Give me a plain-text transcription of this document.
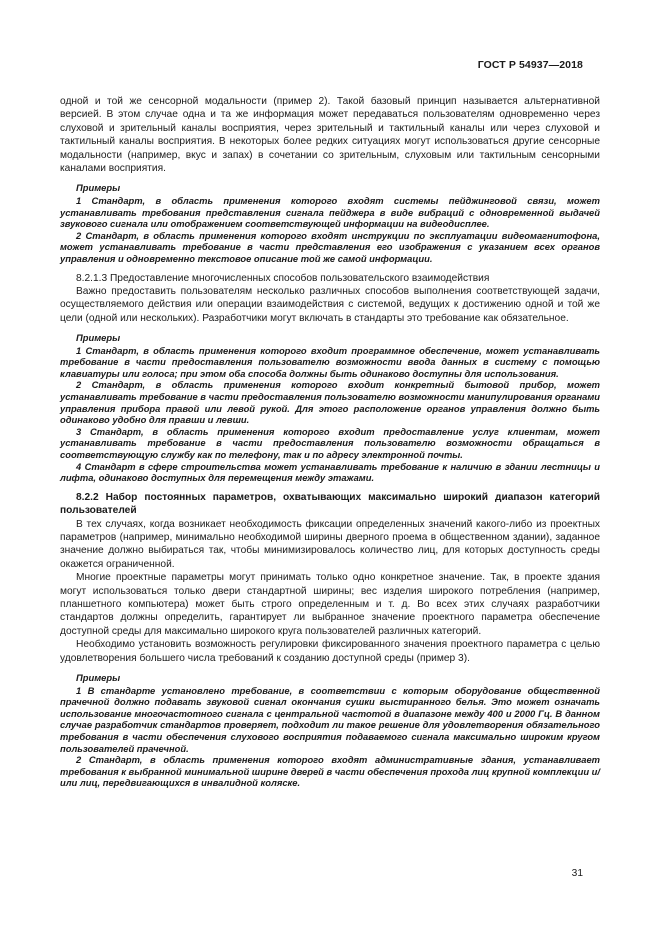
ГОСТ Р 54937—2018

одной и той же сенсорной модальности (пример 2). Такой базовый принцип называется альтернативной версией. В этом случае одна и та же информация может передаваться пользователям одновременно через слуховой и зрительный каналы восприятия, через зрительный и тактильный каналы или через слуховой и тактильный каналы восприятия. В некоторых более редких ситуациях могут использоваться другие сенсорные модальности (например, вкус и запах) в сочетании со зрительным, слуховым или тактильным сенсорными каналами восприятия.

Примеры

1 Стандарт, в область применения которого входят системы пейджинговой связи, может устанавливать требования представления сигнала пейджера в виде вибраций с одновременной выдачей звукового сигнала или отображением соответствующей информации на видеодисплее.

2 Стандарт, в область применения которого входят инструкции по эксплуатации видеомагнитофона, может устанавливать требование в части представления его изображения с указанием всех органов управления и одновременно текстовое описание той же самой информации.

8.2.1.3 Предоставление многочисленных способов пользовательского взаимодействия

Важно предоставить пользователям несколько различных способов выполнения соответствующей задачи, осуществляемого действия или операции взаимодействия с системой, ведущих к достижению одной и той же цели (одной или нескольких). Разработчики могут включать в стандарты это требование как обязательное.

Примеры

1 Стандарт, в область применения которого входит программное обеспечение, может устанавливать требование в части предоставления пользователю возможности ввода данных в систему с помощью клавиатуры или голоса; при этом оба способа должны быть одинаково доступны для использования.

2 Стандарт, в область применения которого входит конкретный бытовой прибор, может устанавливать требование в части предоставления пользователю возможности манипулирования органами управления прибора правой или левой рукой. Для этого расположение органов управления должно быть одинаково удобно для правши и левши.

3 Стандарт, в область применения которого входит предоставление услуг клиентам, может устанавливать требование в части предоставления пользователю возможности обращаться в соответствующую службу как по телефону, так и по адресу электронной почты.

4 Стандарт в сфере строительства может устанавливать требование к наличию в здании лестницы и лифта, одинаково доступных для перемещения между этажами.

8.2.2 Набор постоянных параметров, охватывающих максимально широкий диапазон категорий пользователей

В тех случаях, когда возникает необходимость фиксации определенных значений какого-либо из проектных параметров (например, минимально необходимой ширины дверного проема в общественном здании), заданное значение должно выбираться так, чтобы минимизировалось количество лиц, для которых доступность среды окажется ограниченной.

Многие проектные параметры могут принимать только одно конкретное значение. Так, в проекте здания могут использоваться только двери стандартной ширины; вес изделия широкого потребления (например, планшетного компьютера) может быть строго определенным и т. д. Во всех этих случаях разработчики стандартов должны определить, гарантирует ли выбранное значение проектного параметра обеспечение доступной среды для максимально широкого круга пользователей различных категорий.

Необходимо установить возможность регулировки фиксированного значения проектного параметра с целью удовлетворения большего числа требований к созданию доступной среды (пример 3).

Примеры

1 В стандарте установлено требование, в соответствии с которым оборудование общественной прачечной должно подавать звуковой сигнал окончания сушки выстиранного белья. Это может означать использование многочастотного сигнала с центральной частотой в диапазоне между 400 и 2000 Гц. В данном случае разработчик стандартов проверяет, подходит ли такое решение для удовлетворения обязательного требования в части обеспечения слухового восприятия подаваемого сигнала максимально широким кругом пользователей прачечной.

2 Стандарт, в область применения которого входят административные здания, устанавливает требования к выбранной минимальной ширине дверей в части обеспечения прохода лиц крупной комплекции и/или лиц, передвигающихся в инвалидной коляске.

31
